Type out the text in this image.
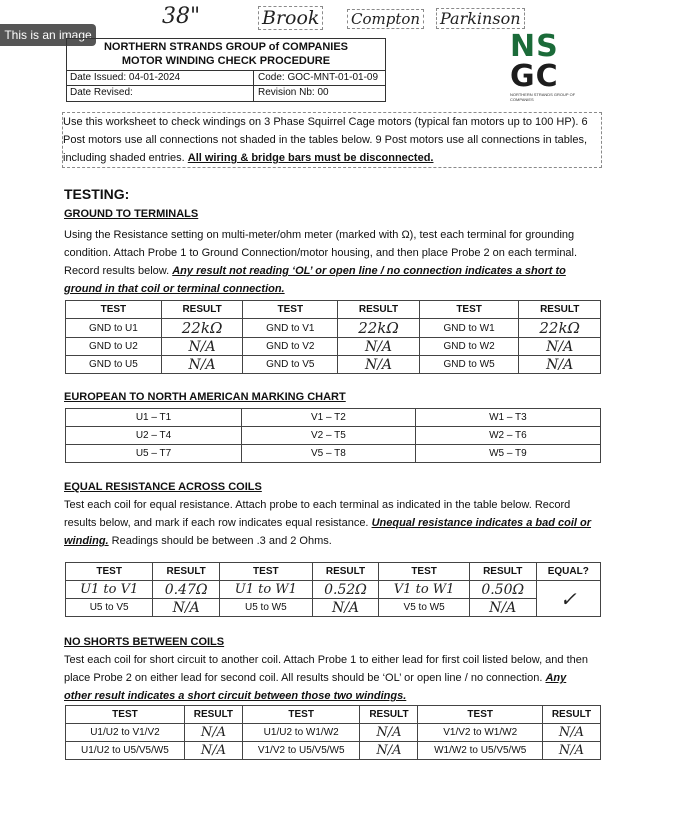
38"	Brook Compton Parkinson
This is an image
NORTHERN STRANDS GROUP of COMPANIES
MOTOR WINDING CHECK PROCEDURE
Date Issued: 04-01-2024	Code: GOC-MNT-01-01-09
Date Revised:	Revision Nb: 00
NS
GC
NORTHERN STRANDS GROUP OF COMPANIES
Use this worksheet to check windings on 3 Phase Squirrel Cage motors (typical fan motors up to 100 HP). 6 Post motors use all connections not shaded in the tables below. 9 Post motors use all connections in tables, including shaded entries. All wiring & bridge bars must be disconnected.
TESTING:
GROUND TO TERMINALS
Using the Resistance setting on multi-meter/ohm meter (marked with Ω), test each terminal for grounding condition. Attach Probe 1 to Ground Connection/motor housing, and then place Probe 2 on each terminal. Record results below. Any result not reading ‘OL’ or open line / no connection indicates a short to ground in that coil or terminal connection.
TEST	RESULT	TEST	RESULT	TEST	RESULT
GND to U1	22kΩ	GND to V1	22kΩ	GND to W1	22kΩ
GND to U2	N/A	GND to V2	N/A	GND to W2	N/A
GND to U5	N/A	GND to V5	N/A	GND to W5	N/A
EUROPEAN TO NORTH AMERICAN MARKING CHART
U1 – T1	V1 – T2	W1 – T3
U2 – T4	V2 – T5	W2 – T6
U5 – T7	V5 – T8	W5 – T9
EQUAL RESISTANCE ACROSS COILS
Test each coil for equal resistance. Attach probe to each terminal as indicated in the table below. Record results below, and mark if each row indicates equal resistance. Unequal resistance indicates a bad coil or winding. Readings should be between .3 and 2 Ohms.
TEST	RESULT	TEST	RESULT	TEST	RESULT	EQUAL?
U1 to V1	0.47Ω	U1 to W1	0.52Ω	V1 to W1	0.50Ω	✓
U5 to V5	N/A	U5 to W5	N/A	V5 to W5	N/A	
NO SHORTS BETWEEN COILS
Test each coil for short circuit to another coil. Attach Probe 1 to either lead for first coil listed below, and then place Probe 2 on either lead for second coil. All results should be ‘OL’ or open line / no connection. Any other result indicates a short circuit between those two windings.
TEST	RESULT	TEST	RESULT	TEST	RESULT
U1/U2 to V1/V2	N/A	U1/U2 to W1/W2	N/A	V1/V2 to W1/W2	N/A
U1/U2 to U5/V5/W5	N/A	V1/V2 to U5/V5/W5	N/A	W1/W2 to U5/V5/W5	N/A
